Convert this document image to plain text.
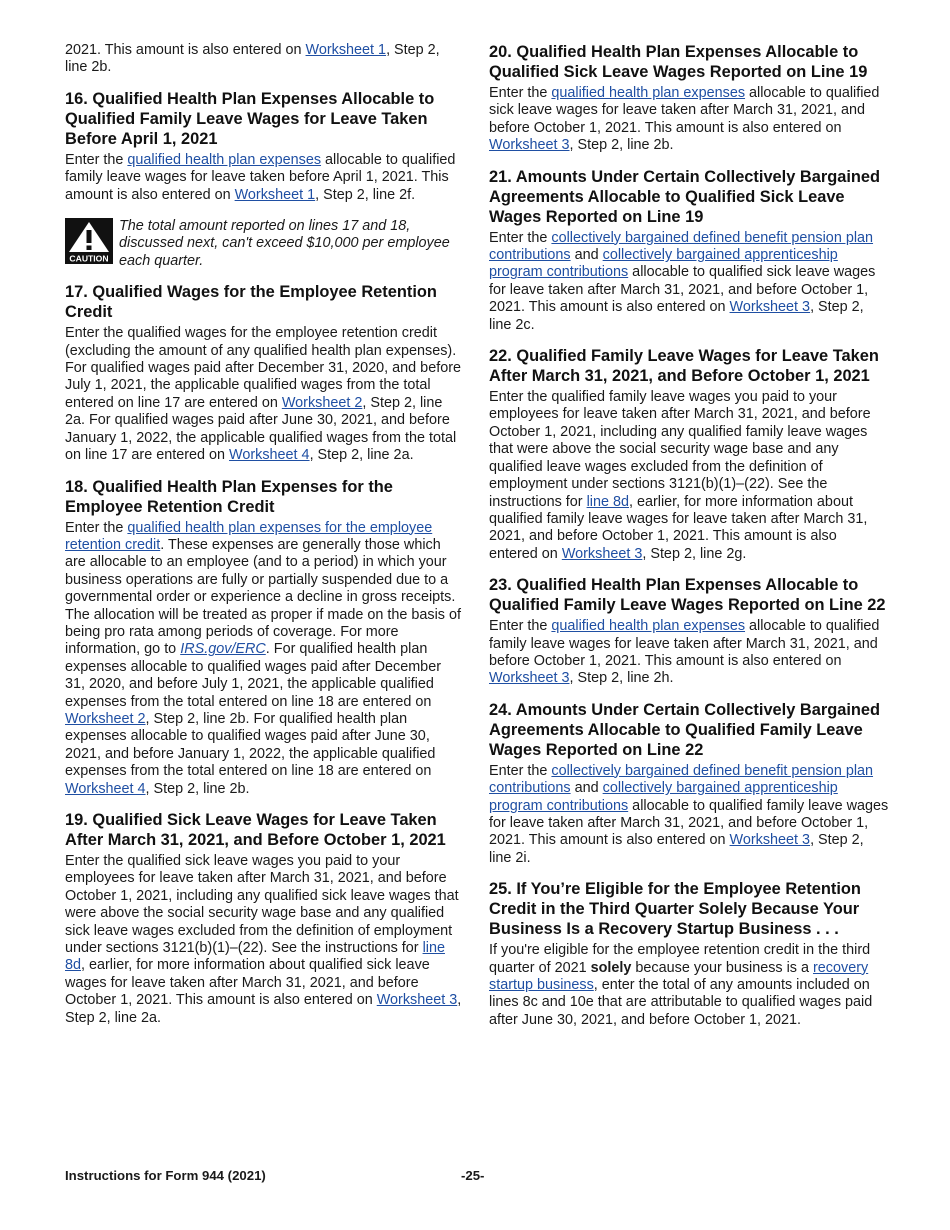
2021. This amount is also entered on Worksheet 1, Step 2, line 2b.

16. Qualified Health Plan Expenses Allocable to Qualified Family Leave Wages for Leave Taken Before April 1, 2021

Enter the qualified health plan expenses allocable to qualified family leave wages for leave taken before April 1, 2021. This amount is also entered on Worksheet 1, Step 2, line 2f.

CAUTION
The total amount reported on lines 17 and 18, discussed next, can't exceed $10,000 per employee each quarter.
17. Qualified Wages for the Employee Retention Credit

Enter the qualified wages for the employee retention credit (excluding the amount of any qualified health plan expenses). For qualified wages paid after December 31, 2020, and before July 1, 2021, the applicable qualified wages from the total entered on line 17 are entered on Worksheet 2, Step 2, line 2a. For qualified wages paid after June 30, 2021, and before January 1, 2022, the applicable qualified wages from the total on line 17 are entered on Worksheet 4, Step 2, line 2a.

18. Qualified Health Plan Expenses for the Employee Retention Credit

Enter the qualified health plan expenses for the employee retention credit. These expenses are generally those which are allocable to an employee (and to a period) in which your business operations are fully or partially suspended due to a governmental order or experience a decline in gross receipts. The allocation will be treated as proper if made on the basis of being pro rata among periods of coverage. For more information, go to IRS.gov/ERC. For qualified health plan expenses allocable to qualified wages paid after December 31, 2020, and before July 1, 2021, the applicable qualified expenses from the total entered on line 18 are entered on Worksheet 2, Step 2, line 2b. For qualified health plan expenses allocable to qualified wages paid after June 30, 2021, and before January 1, 2022, the applicable qualified expenses from the total entered on line 18 are entered on Worksheet 4, Step 2, line 2b.

19. Qualified Sick Leave Wages for Leave Taken After March 31, 2021, and Before October 1, 2021

Enter the qualified sick leave wages you paid to your employees for leave taken after March 31, 2021, and before October 1, 2021, including any qualified sick leave wages that were above the social security wage base and any qualified sick leave wages excluded from the definition of employment under sections 3121(b)(1)–(22). See the instructions for line 8d, earlier, for more information about qualified sick leave wages for leave taken after March 31, 2021, and before October 1, 2021. This amount is also entered on Worksheet 3, Step 2, line 2a.

20. Qualified Health Plan Expenses Allocable to Qualified Sick Leave Wages Reported on Line 19

Enter the qualified health plan expenses allocable to qualified sick leave wages for leave taken after March 31, 2021, and before October 1, 2021. This amount is also entered on Worksheet 3, Step 2, line 2b.

21. Amounts Under Certain Collectively Bargained Agreements Allocable to Qualified Sick Leave Wages Reported on Line 19

Enter the collectively bargained defined benefit pension plan contributions and collectively bargained apprenticeship program contributions allocable to qualified sick leave wages for leave taken after March 31, 2021, and before October 1, 2021. This amount is also entered on Worksheet 3, Step 2, line 2c.

22. Qualified Family Leave Wages for Leave Taken After March 31, 2021, and Before October 1, 2021

Enter the qualified family leave wages you paid to your employees for leave taken after March 31, 2021, and before October 1, 2021, including any qualified family leave wages that were above the social security wage base and any qualified leave wages excluded from the definition of employment under sections 3121(b)(1)–(22). See the instructions for line 8d, earlier, for more information about qualified family leave wages for leave taken after March 31, 2021, and before October 1, 2021. This amount is also entered on Worksheet 3, Step 2, line 2g.

23. Qualified Health Plan Expenses Allocable to Qualified Family Leave Wages Reported on Line 22

Enter the qualified health plan expenses allocable to qualified family leave wages for leave taken after March 31, 2021, and before October 1, 2021. This amount is also entered on Worksheet 3, Step 2, line 2h.

24. Amounts Under Certain Collectively Bargained Agreements Allocable to Qualified Family Leave Wages Reported on Line 22

Enter the collectively bargained defined benefit pension plan contributions and collectively bargained apprenticeship program contributions allocable to qualified family leave wages for leave taken after March 31, 2021, and before October 1, 2021. This amount is also entered on Worksheet 3, Step 2, line 2i.

25. If You’re Eligible for the Employee Retention Credit in the Third Quarter Solely Because Your Business Is a Recovery Startup Business . . .

If you're eligible for the employee retention credit in the third quarter of 2021 solely because your business is a recovery startup business, enter the total of any amounts included on lines 8c and 10e that are attributable to qualified wages paid after June 30, 2021, and before October 1, 2021.

Instructions for Form 944 (2021)	-25-
